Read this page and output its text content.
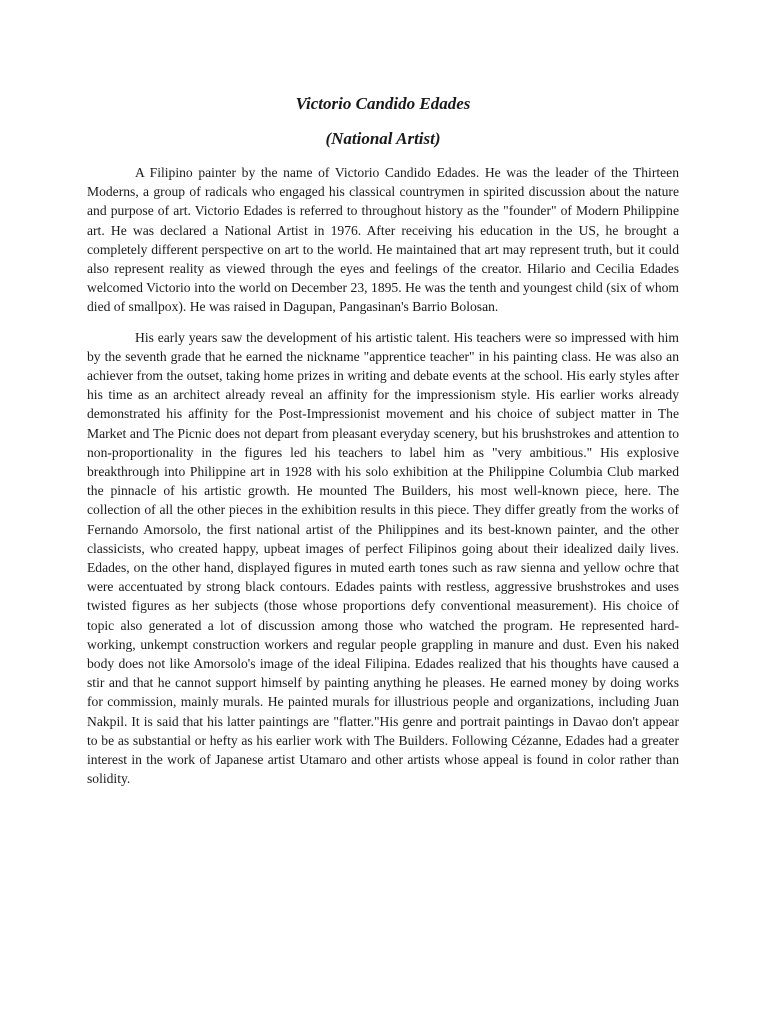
Victorio Candido Edades
(National Artist)

A Filipino painter by the name of Victorio Candido Edades. He was the leader of the Thirteen Moderns, a group of radicals who engaged his classical countrymen in spirited discussion about the nature and purpose of art. Victorio Edades is referred to throughout history as the "founder" of Modern Philippine art. He was declared a National Artist in 1976. After receiving his education in the US, he brought a completely different perspective on art to the world. He maintained that art may represent truth, but it could also represent reality as viewed through the eyes and feelings of the creator. Hilario and Cecilia Edades welcomed Victorio into the world on December 23, 1895. He was the tenth and youngest child (six of whom died of smallpox). He was raised in Dagupan, Pangasinan's Barrio Bolosan.

His early years saw the development of his artistic talent. His teachers were so impressed with him by the seventh grade that he earned the nickname "apprentice teacher" in his painting class. He was also an achiever from the outset, taking home prizes in writing and debate events at the school. His early styles after his time as an architect already reveal an affinity for the impressionism style. His earlier works already demonstrated his affinity for the Post-Impressionist movement and his choice of subject matter in The Market and The Picnic does not depart from pleasant everyday scenery, but his brushstrokes and attention to non-proportionality in the figures led his teachers to label him as "very ambitious." His explosive breakthrough into Philippine art in 1928 with his solo exhibition at the Philippine Columbia Club marked the pinnacle of his artistic growth. He mounted The Builders, his most well-known piece, here. The collection of all the other pieces in the exhibition results in this piece. They differ greatly from the works of Fernando Amorsolo, the first national artist of the Philippines and its best-known painter, and the other classicists, who created happy, upbeat images of perfect Filipinos going about their idealized daily lives. Edades, on the other hand, displayed figures in muted earth tones such as raw sienna and yellow ochre that were accentuated by strong black contours. Edades paints with restless, aggressive brushstrokes and uses twisted figures as her subjects (those whose proportions defy conventional measurement). His choice of topic also generated a lot of discussion among those who watched the program. He represented hard-working, unkempt construction workers and regular people grappling in manure and dust. Even his naked body does not like Amorsolo's image of the ideal Filipina. Edades realized that his thoughts have caused a stir and that he cannot support himself by painting anything he pleases. He earned money by doing works for commission, mainly murals. He painted murals for illustrious people and organizations, including Juan Nakpil. It is said that his latter paintings are "flatter."His genre and portrait paintings in Davao don't appear to be as substantial or hefty as his earlier work with The Builders. Following Cézanne, Edades had a greater interest in the work of Japanese artist Utamaro and other artists whose appeal is found in color rather than solidity.
